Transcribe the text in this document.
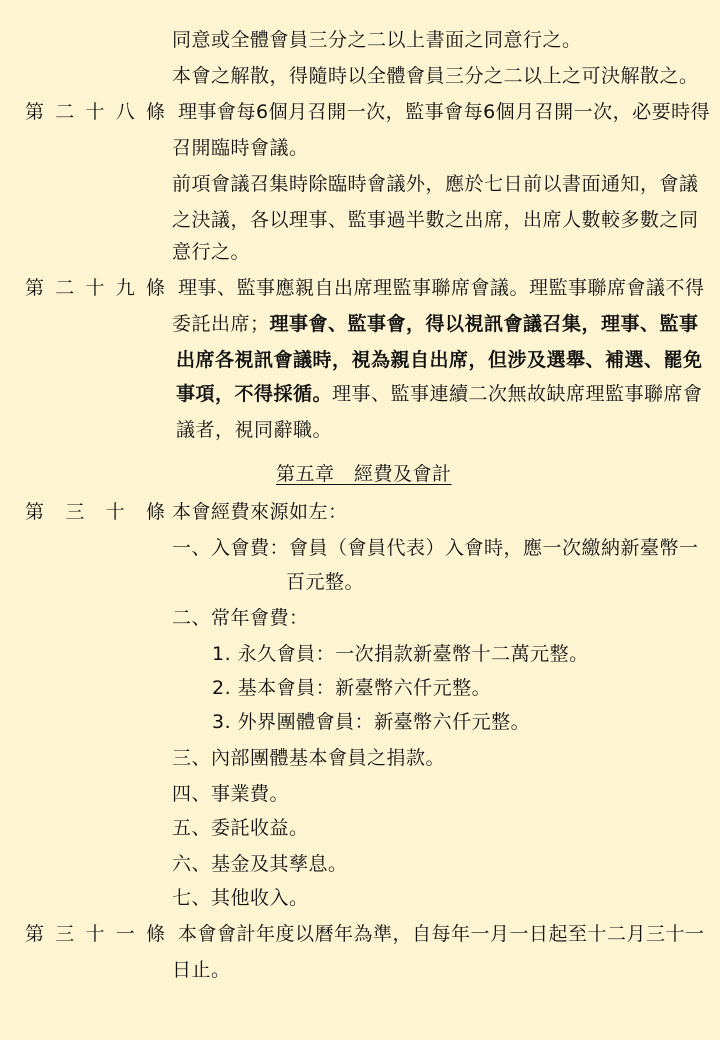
同意或全體會員三分之二以上書面之同意行之。
本會之解散，得隨時以全體會員三分之二以上之可決解散之。
第 二 十 八 條 理事會每6個月召開一次，監事會每6個月召開一次，必要時得
召開臨時會議。
前項會議召集時除臨時會議外，應於七日前以書面通知，會議
之決議，各以理事、監事過半數之出席，出席人數較多數之同
意行之。
第 二 十 九 條 理事、監事應親自出席理監事聯席會議。理監事聯席會議不得
委託出席；理事會、監事會，得以視訊會議召集，理事、監事
出席各視訊會議時，視為親自出席，但涉及選舉、補選、罷免
事項，不得採循。理事、監事連續二次無故缺席理監事聯席會
議者，視同辭職。
第五章　經費及會計
第 三 十 條 本會經費來源如左：
一、入會費：會員（會員代表）入會時，應一次繳納新臺幣一
百元整。
二、常年會費：
1. 永久會員：一次捐款新臺幣十二萬元整。
2. 基本會員：新臺幣六仟元整。
3. 外界團體會員：新臺幣六仟元整。
三、內部團體基本會員之捐款。
四、事業費。
五、委託收益。
六、基金及其孳息。
七、其他收入。
第 三 十 一 條 本會會計年度以曆年為準，自每年一月一日起至十二月三十一
日止。
